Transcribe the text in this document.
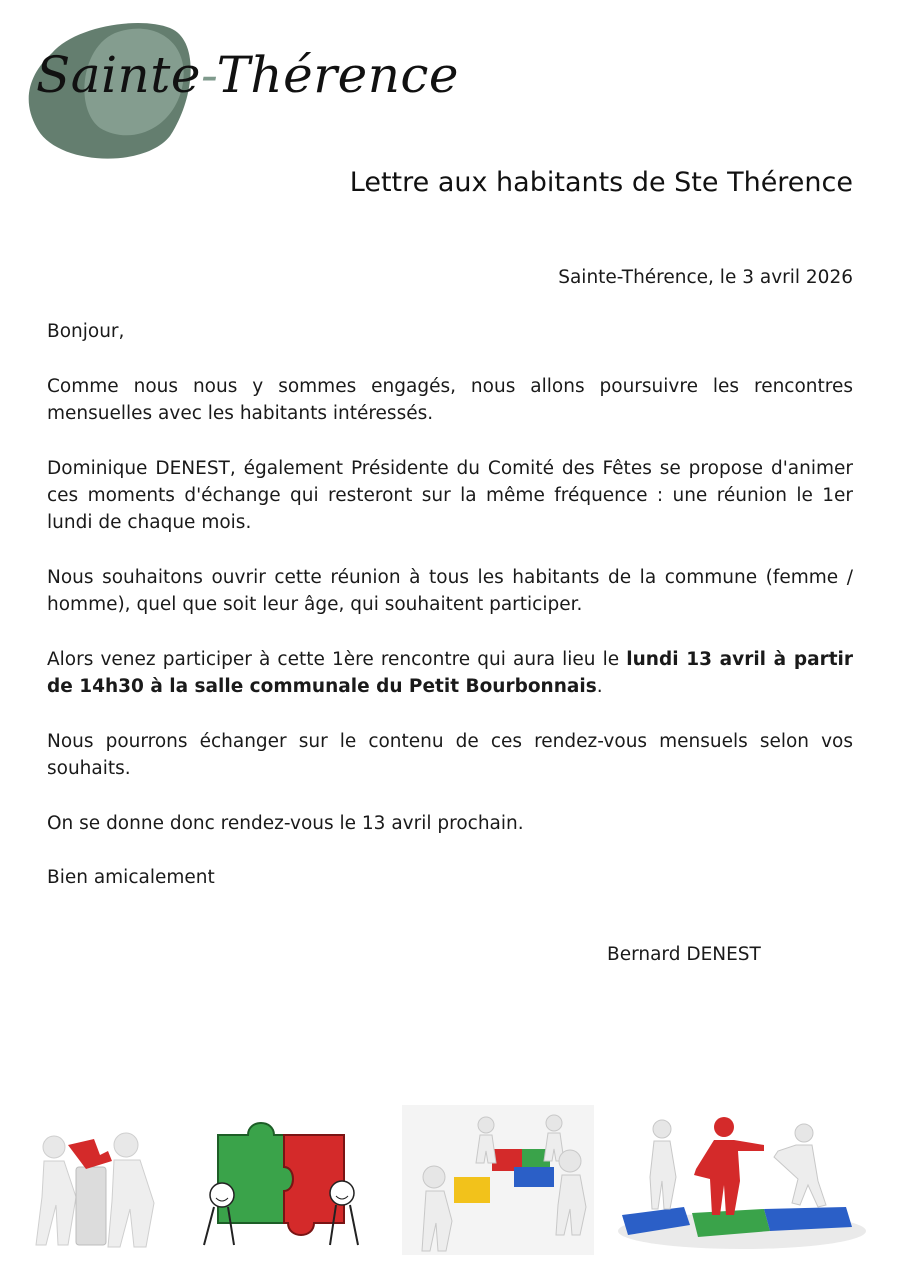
Sainte-Thérence
Lettre aux habitants de Ste Thérence
Sainte-Thérence, le 3 avril 2026

Bonjour,

Comme nous nous y sommes engagés, nous allons poursuivre les rencontres mensuelles avec les habitants intéressés.

Dominique DENEST, également Présidente du Comité des Fêtes se propose d'animer ces moments d'échange qui resteront sur la même fréquence : une réunion le 1er lundi de chaque mois.

Nous souhaitons ouvrir cette réunion à tous les habitants de la commune (femme / homme), quel que soit leur âge, qui souhaitent participer.

Alors venez participer à cette 1ère rencontre qui aura lieu le lundi 13 avril à partir de 14h30 à la salle communale du Petit Bourbonnais.

Nous pourrons échanger sur le contenu de ces rendez-vous mensuels selon vos souhaits.

On se donne donc rendez-vous le 13 avril prochain.

Bien amicalement

Bernard DENEST
